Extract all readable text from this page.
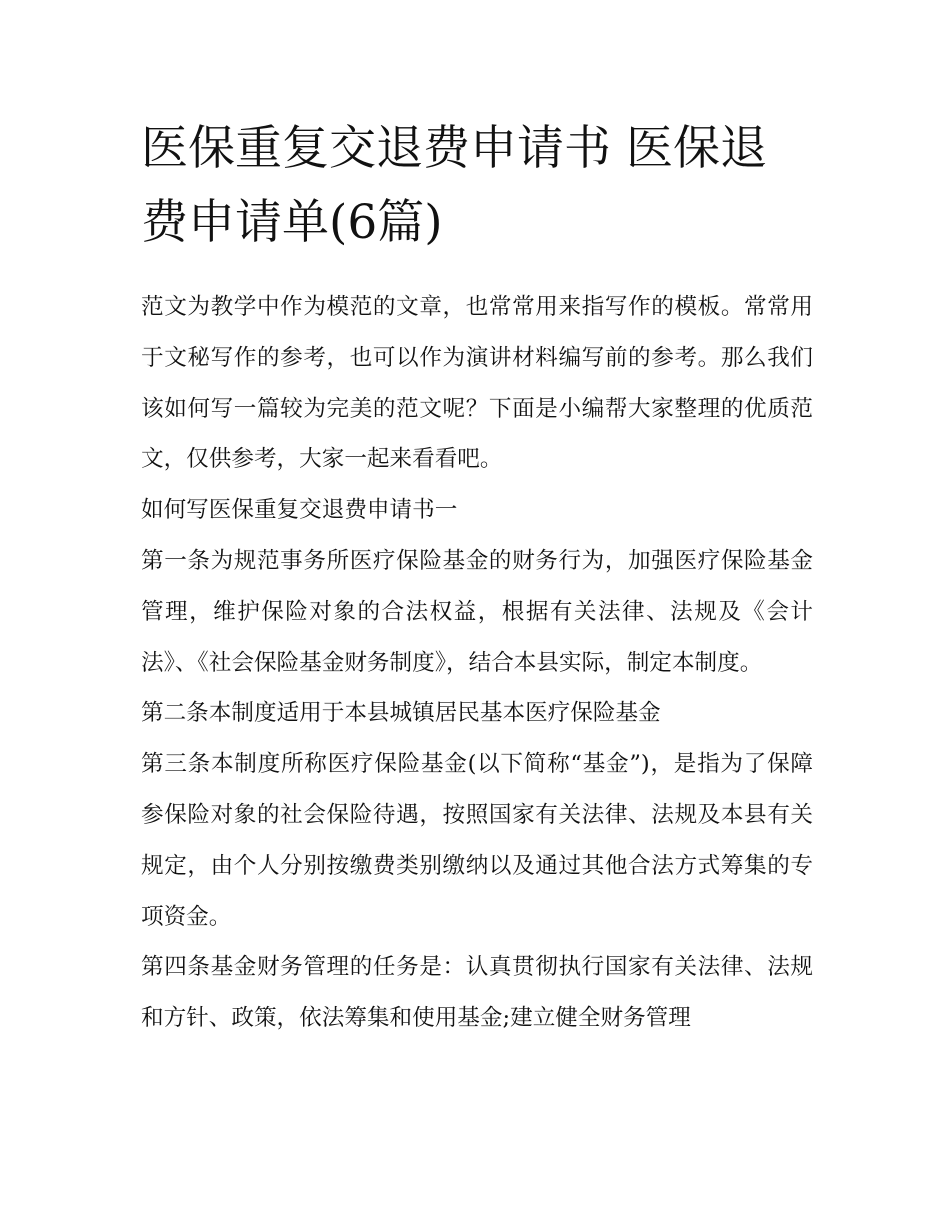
医保重复交退费申请书 医保退费申请单(6篇)

范文为教学中作为模范的文章，也常常用来指写作的模板。常常用于文秘写作的参考，也可以作为演讲材料编写前的参考。那么我们该如何写一篇较为完美的范文呢？下面是小编帮大家整理的优质范文，仅供参考，大家一起来看看吧。

如何写医保重复交退费申请书一

第一条为规范事务所医疗保险基金的财务行为，加强医疗保险基金管理，维护保险对象的合法权益，根据有关法律、法规及《会计法》、《社会保险基金财务制度》，结合本县实际，制定本制度。

第二条本制度适用于本县城镇居民基本医疗保险基金

第三条本制度所称医疗保险基金(以下简称“基金”)，是指为了保障参保险对象的社会保险待遇，按照国家有关法律、法规及本县有关规定，由个人分别按缴费类别缴纳以及通过其他合法方式筹集的专项资金。

第四条基金财务管理的任务是：认真贯彻执行国家有关法律、法规和方针、政策，依法筹集和使用基金;建立健全财务管理
